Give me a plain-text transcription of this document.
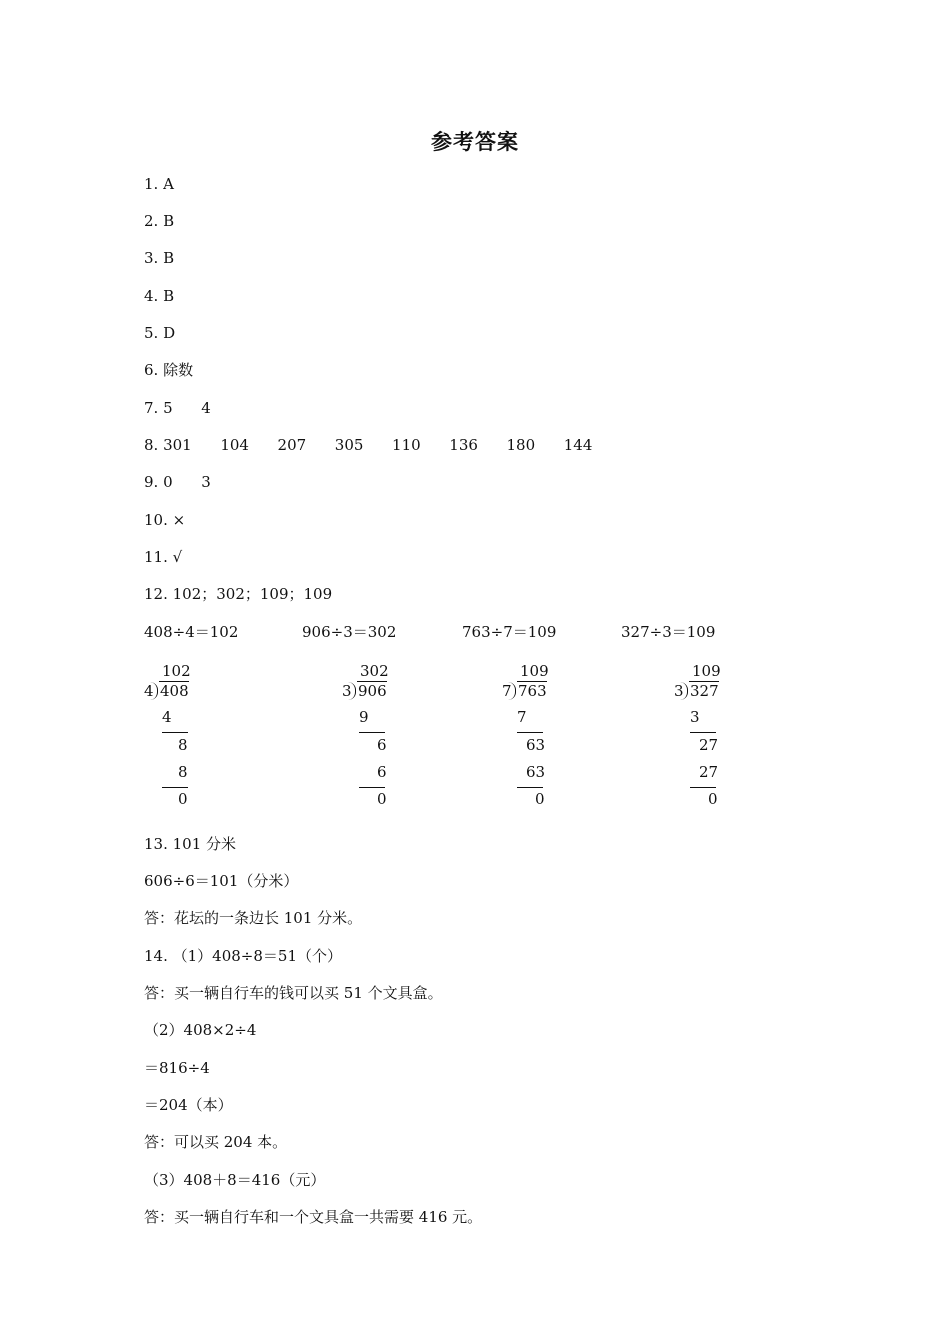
参考答案
1. A
2. B
3. B
4. B
5. D
6. 除数
7. 5      4
8. 301      104      207      305      110      136      180      144
9. 0      3
10. ×
11. √
12. 102；302；109；109
408÷4＝102	906÷3＝302	763÷7＝109	327÷3＝109
102
4 408
4
8
8
0
302
3 906
9
6
6
0
109
7 763
7
63
63
0
109
3 327
3
27
27
0
13. 101 分米
606÷6＝101（分米）
答：花坛的一条边长 101 分米。
14. （1）408÷8＝51（个）
答：买一辆自行车的钱可以买 51 个文具盒。
（2）408×2÷4
＝816÷4
＝204（本）
答：可以买 204 本。
（3）408＋8＝416（元）
答：买一辆自行车和一个文具盒一共需要 416 元。
